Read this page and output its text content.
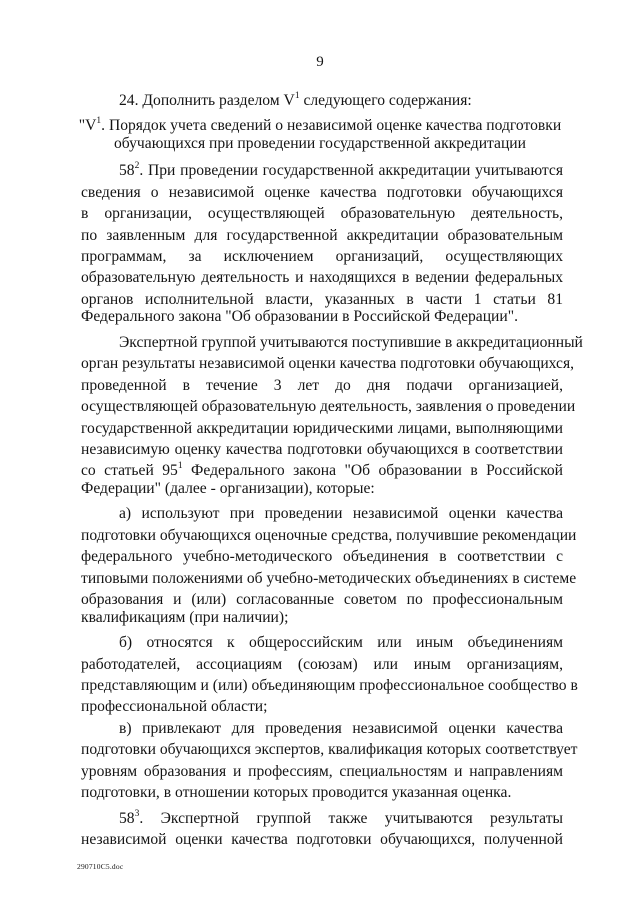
9
24. Дополнить разделом $V^1$ следующего содержания:
"$V^1$. Порядок учета сведений о независимой оценке качества подготовки
обучающихся при проведении государственной аккредитации
$58^2$. При проведении государственной аккредитации учитываются
сведения о независимой оценке качества подготовки обучающихся
в организации, осуществляющей образовательную деятельность,
по заявленным для государственной аккредитации образовательным
программам, за исключением организаций, осуществляющих
образовательную деятельность и находящихся в ведении федеральных
органов исполнительной власти, указанных в части 1 статьи 81
Федерального закона "Об образовании в Российской Федерации".
Экспертной группой учитываются поступившие в аккредитационный
орган результаты независимой оценки качества подготовки обучающихся,
проведенной в течение 3 лет до дня подачи организацией,
осуществляющей образовательную деятельность, заявления о проведении
государственной аккредитации юридическими лицами, выполняющими
независимую оценку качества подготовки обучающихся в соответствии
со статьей $95^1$ Федерального закона "Об образовании в Российской
Федерации" (далее - организации), которые:
а) используют при проведении независимой оценки качества
подготовки обучающихся оценочные средства, получившие рекомендации
федерального учебно-методического объединения в соответствии с
типовыми положениями об учебно-методических объединениях в системе
образования и (или) согласованные советом по профессиональным
квалификациям (при наличии);
б) относятся к общероссийским или иным объединениям
работодателей, ассоциациям (союзам) или иным организациям,
представляющим и (или) объединяющим профессиональное сообщество в
профессиональной области;
в) привлекают для проведения независимой оценки качества
подготовки обучающихся экспертов, квалификация которых соответствует
уровням образования и профессиям, специальностям и направлениям
подготовки, в отношении которых проводится указанная оценка.
$58^3$. Экспертной группой также учитываются результаты
независимой оценки качества подготовки обучающихся, полученной
290710C5.doc
